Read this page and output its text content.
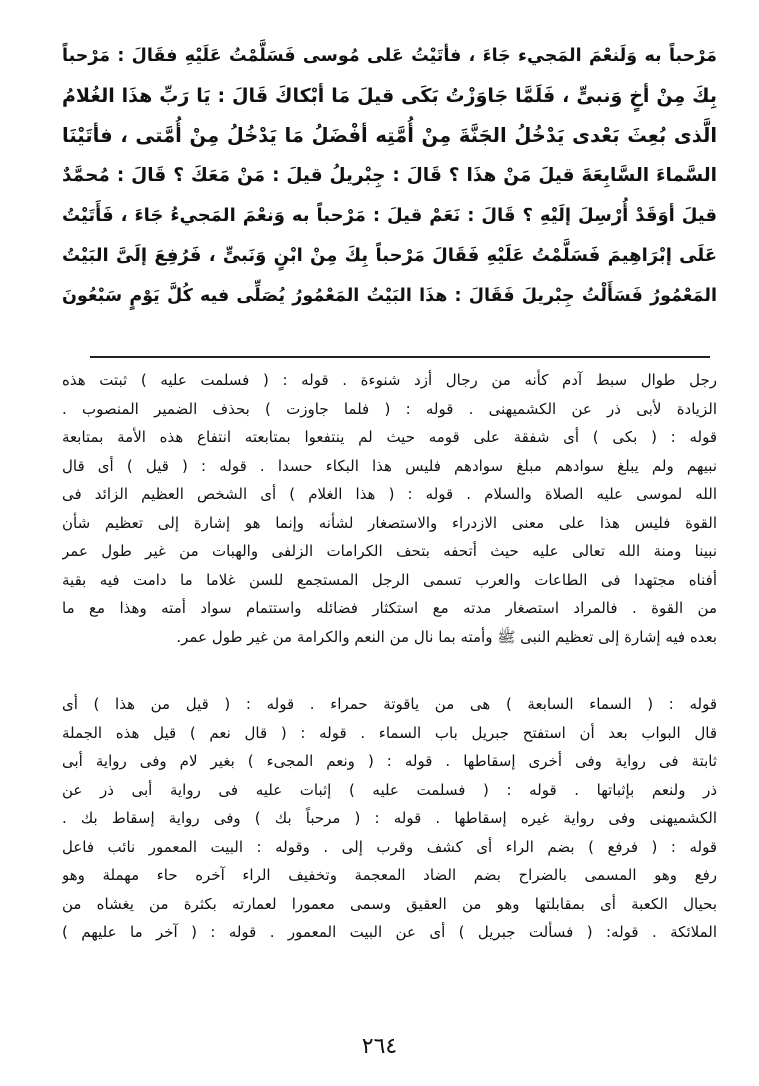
مَرْحباً به وَلَنعْمَ المَجيء جَاءَ ، فأتَيْتُ عَلى مُوسى فَسَلَّمْتُ عَلَيْهِ فقَالَ : مَرْحباً
بِكَ مِنْ أخٍ وَنبىٍّ ، فَلَمَّا جَاوَزْتُ بَكَى قيلَ مَا أبْكاكَ قَالَ : يَا رَبِّ هذَا الغُلامُ
الَّذى بُعِثَ بَعْدى يَدْخُلُ الجَنَّةَ مِنْ أُمَّتِه أفْضَلُ مَا يَدْخُلُ مِنْ أُمَّتى ، فأتَيْنَا
السَّماءَ السَّابِعَةَ قيلَ مَنْ هذَا ؟ قَالَ : جِبْريلُ قيلَ : مَنْ مَعَكَ ؟ قَالَ : مُحمَّدٌ
قيلَ أوَقَدْ أُرْسِلَ إلَيْهِ ؟ قَالَ : نَعَمْ قيلَ : مَرْحباً به وَنعْمَ المَجيءُ جَاءَ ، فَأَتَيْتُ
عَلَى إبْرَاهِيمَ فَسَلَّمْتُ عَلَيْهِ فَقَالَ مَرْحباً بِكَ مِنْ ابْنٍ وَنَبىٍّ ، فَرُفِعَ إلَىَّ البَيْتُ
المَعْمُورُ فَسَأَلْتُ جِبْريلَ فَقَالَ : هذَا البَيْتُ المَعْمُورُ يُصَلِّى فيه كُلَّ يَوْمٍ سَبْعُونَ
رجل طوال سبط آدم كأنه من رجال أزد شنوءة . قوله : ( فسلمت عليه ) ثبتت هذه
الزيادة لأبى ذر عن الكشميهنى . قوله : ( فلما جاوزت ) بحذف الضمير المنصوب .
قوله : ( بكى ) أى شفقة على قومه حيث لم ينتفعوا بمتابعته انتفاع هذه الأمة بمتابعة
نبيهم ولم يبلغ سوادهم مبلغ سوادهم فليس هذا البكاء حسدا . قوله : ( قيل ) أى قال
الله لموسى عليه الصلاة والسلام . قوله : ( هذا الغلام ) أى الشخص العظيم الزائد فى
القوة فليس هذا على معنى الازدراء والاستصغار لشأنه وإنما هو إشارة إلى تعظيم شأن
نبينا ومنة الله تعالى عليه حيث أتحفه بتحف الكرامات الزلفى والهبات من غير طول عمر
أفناه مجتهدا فى الطاعات والعرب تسمى الرجل المستجمع للسن غلاما ما دامت فيه بقية
من القوة . فالمراد استصغار مدته مع استكثار فضائله واستتمام سواد أمته وهذا مع ما
بعده فيه إشارة إلى تعظيم النبى ﷺ وأمته بما نال من النعم والكرامة من غير طول عمر.
قوله : ( السماء السابعة ) هى من ياقوتة حمراء . قوله : ( قيل من هذا ) أى
قال البواب بعد أن استفتح جبريل باب السماء . قوله : ( قال نعم ) قيل هذه الجملة
ثابتة فى رواية وفى أخرى إسقاطها . قوله : ( ونعم المجىء ) بغير لام وفى رواية أبى
ذر ولنعم بإثباتها . قوله : ( فسلمت عليه ) إثبات عليه فى رواية أبى ذر عن
الكشميهنى وفى رواية غيره إسقاطها . قوله : ( مرحباً بك ) وفى رواية إسقاط بك .
قوله : ( فرفع ) بضم الراء أى كشف وقرب إلى . وقوله : البيت المعمور نائب فاعل
رفع وهو المسمى بالضراح بضم الضاد المعجمة وتخفيف الراء آخره حاء مهملة وهو
بحيال الكعبة أى بمقابلتها وهو من العقيق وسمى معمورا لعمارته بكثرة من يغشاه من
الملائكة . قوله: ( فسألت جبريل ) أى عن البيت المعمور . قوله : ( آخر ما عليهم )
٢٦٤
